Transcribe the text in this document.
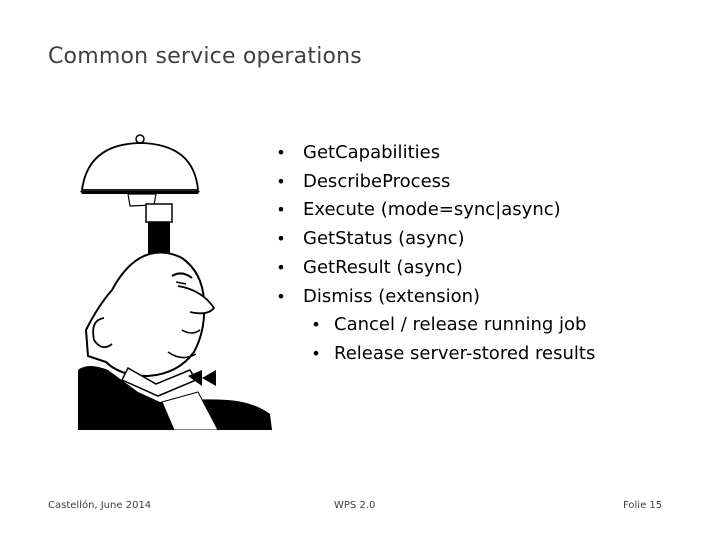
Common service operations
• GetCapabilities
• DescribeProcess
• Execute (mode=sync|async)
• GetStatus (async)
• GetResult (async)
• Dismiss (extension)
• Cancel / release running job
• Release server-stored results
Castellón, June 2014	WPS 2.0	Folie 15
